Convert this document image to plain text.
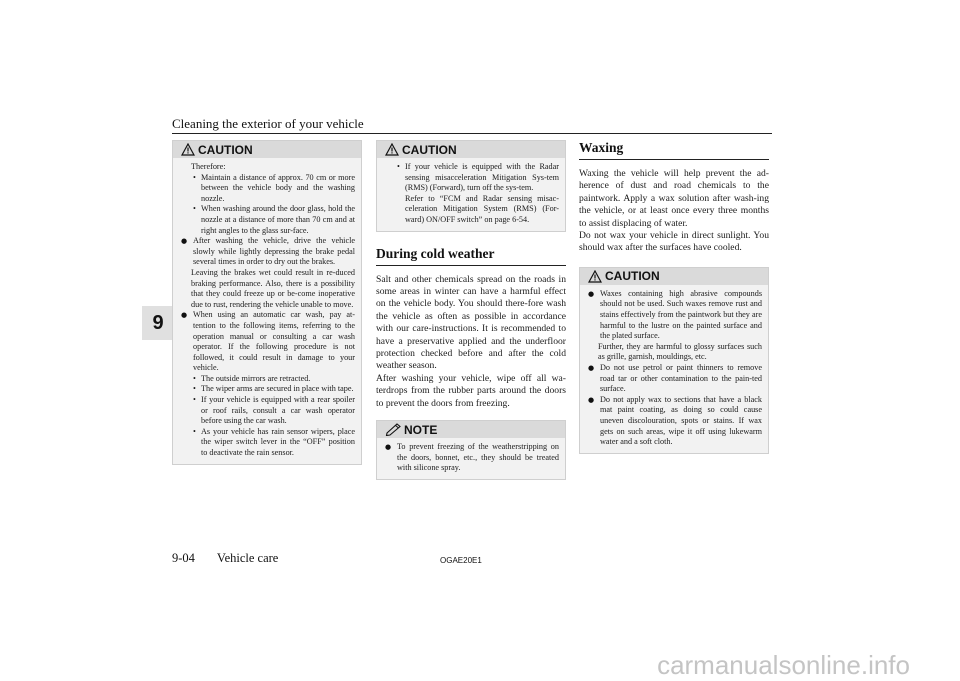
Cleaning the exterior of your vehicle
9
CAUTION
Therefore:
• Maintain a distance of approx. 70 cm or more between the vehicle body and the washing nozzle.
• When washing around the door glass, hold the nozzle at a distance of more than 70 cm and at right angles to the glass sur-face.
● After washing the vehicle, drive the vehicle slowly while lightly depressing the brake pedal several times in order to dry out the brakes.
Leaving the brakes wet could result in re-duced braking performance. Also, there is a possibility that they could freeze up or be-come inoperative due to rust, rendering the vehicle unable to move.
● When using an automatic car wash, pay at-tention to the following items, referring to the operation manual or consulting a car wash operator. If the following procedure is not followed, it could result in damage to your vehicle.
• The outside mirrors are retracted.
• The wiper arms are secured in place with tape.
• If your vehicle is equipped with a rear spoiler or roof rails, consult a car wash operator before using the car wash.
• As your vehicle has rain sensor wipers, place the wiper switch lever in the “OFF” position to deactivate the rain sensor.
CAUTION
• If your vehicle is equipped with the Radar sensing misacceleration Mitigation Sys-tem (RMS) (Forward), turn off the sys-tem.
Refer to “FCM and Radar sensing misac-celeration Mitigation System (RMS) (For-ward) ON/OFF switch” on page 6-54.
During cold weather
Salt and other chemicals spread on the roads in some areas in winter can have a harmful effect on the vehicle body. You should there-fore wash the vehicle as often as possible in accordance with our care-instructions. It is recommended to have a preservative applied and the underfloor protection checked before and after the cold weather season.
After washing your vehicle, wipe off all wa-terdrops from the rubber parts around the doors to prevent the doors from freezing.
NOTE
● To prevent freezing of the weatherstripping on the doors, bonnet, etc., they should be treated with silicone spray.
Waxing
Waxing the vehicle will help prevent the ad-herence of dust and road chemicals to the paintwork. Apply a wax solution after wash-ing the vehicle, or at least once every three months to assist displacing of water.
Do not wax your vehicle in direct sunlight. You should wax after the surfaces have cooled.
CAUTION
● Waxes containing high abrasive compounds should not be used. Such waxes remove rust and stains effectively from the paintwork but they are harmful to the lustre on the painted surface and the plated surface.
Further, they are harmful to glossy surfaces such as grille, garnish, mouldings, etc.
● Do not use petrol or paint thinners to remove road tar or other contamination to the pain-ted surface.
● Do not apply wax to sections that have a black mat paint coating, as doing so could cause uneven discolouration, spots or stains. If wax gets on such areas, wipe it off using lukewarm water and a soft cloth.
9-04 Vehicle care	OGAE20E1
carmanualsonline.info
